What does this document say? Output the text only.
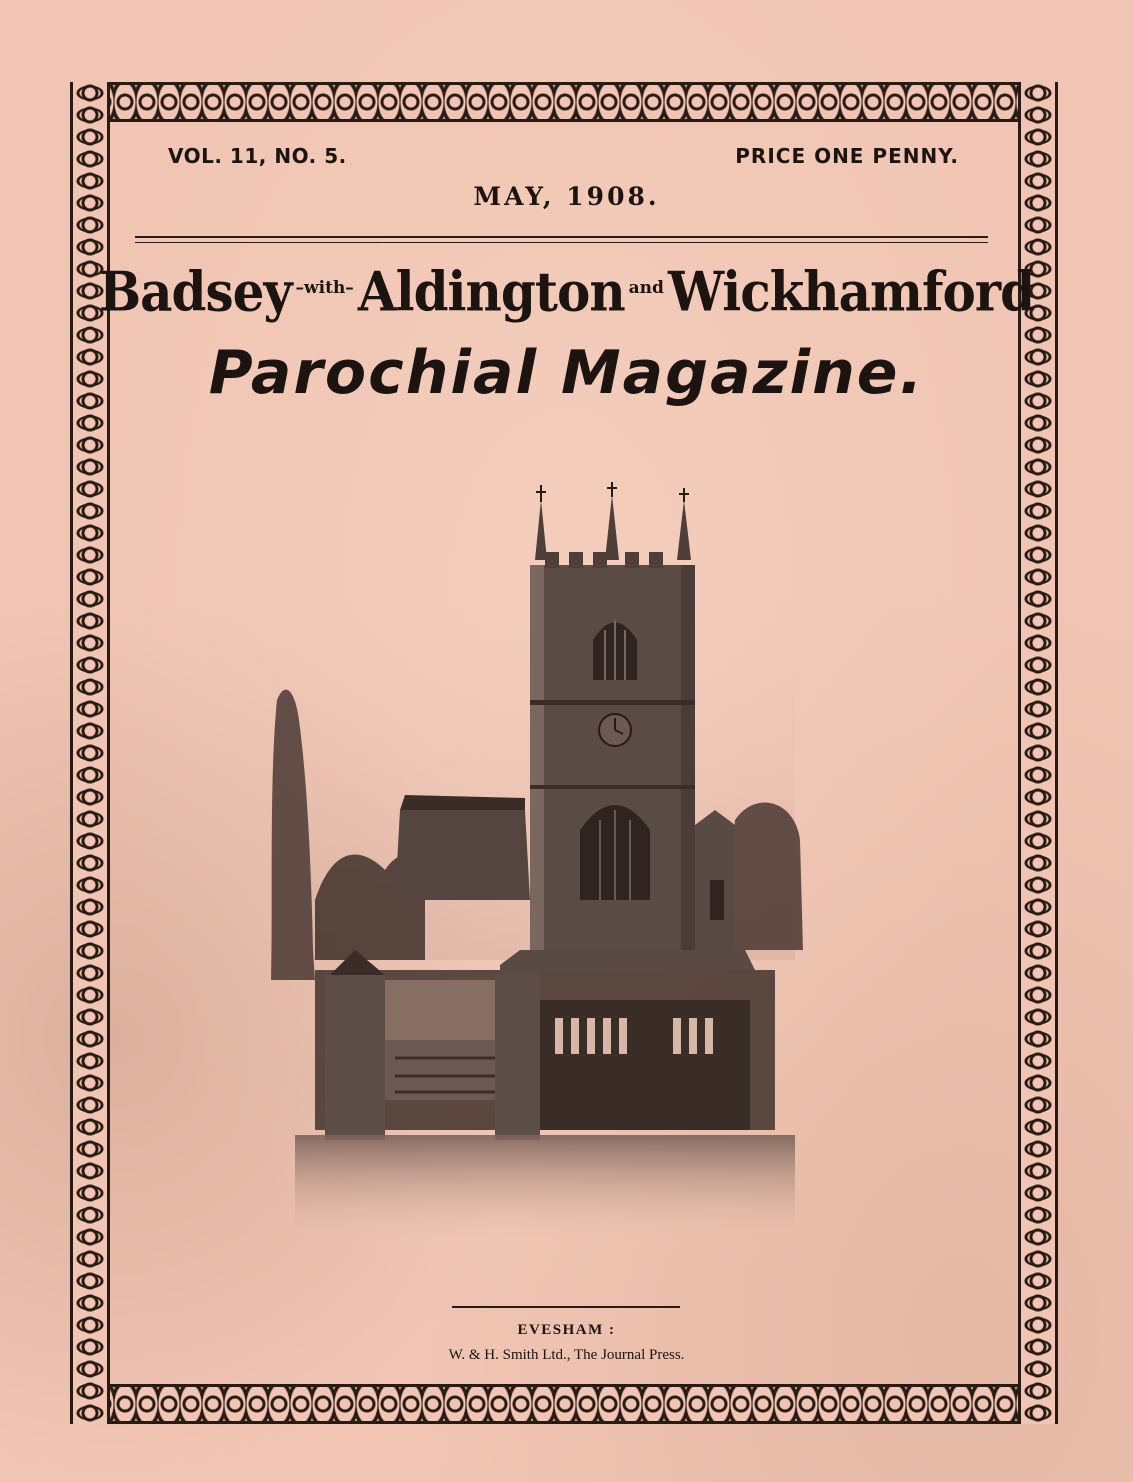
VOL. 11, NO. 5.	PRICE ONE PENNY.
MAY, 1908.
Badsey –with–Aldington andWickhamford
Parochial Magazine.
EVESHAM :
W. & H. Smith Ltd., The Journal Press.
